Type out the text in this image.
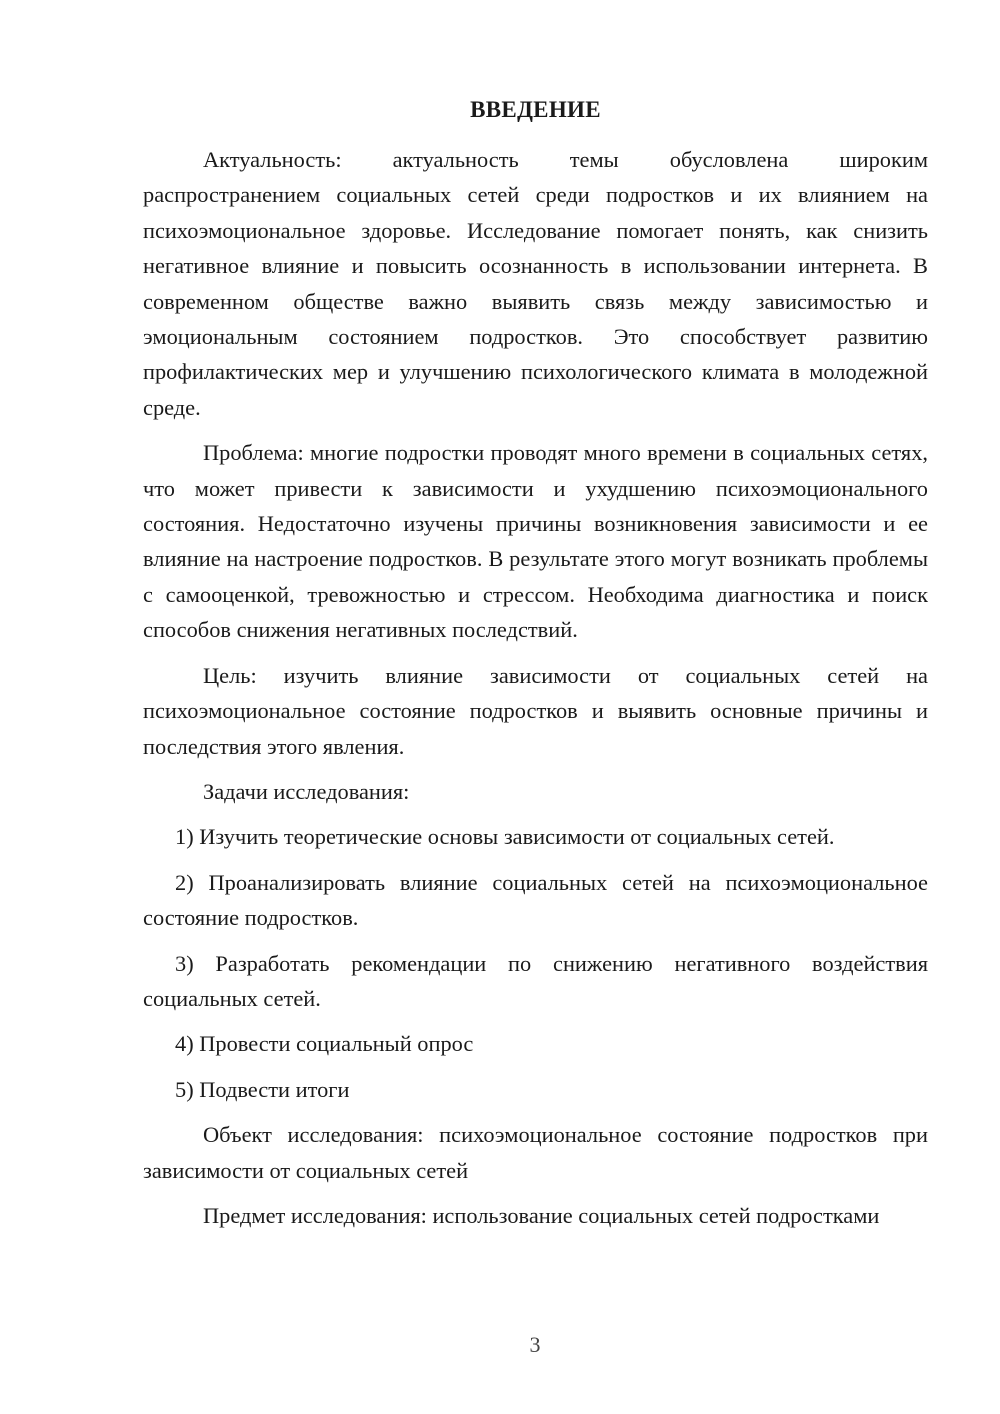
ВВЕДЕНИЕ

Актуальность: актуальность темы обусловлена широким распространением социальных сетей среди подростков и их влиянием на психоэмоциональное здоровье. Исследование помогает понять, как снизить негативное влияние и повысить осознанность в использовании интернета. В современном обществе важно выявить связь между зависимостью и эмоциональным состоянием подростков. Это способствует развитию профилактических мер и улучшению психологического климата в молодежной среде.

Проблема: многие подростки проводят много времени в социальных сетях, что может привести к зависимости и ухудшению психоэмоционального состояния. Недостаточно изучены причины возникновения зависимости и ее влияние на настроение подростков. В результате этого могут возникать проблемы с самооценкой, тревожностью и стрессом. Необходима диагностика и поиск способов снижения негативных последствий.

Цель: изучить влияние зависимости от социальных сетей на психоэмоциональное состояние подростков и выявить основные причины и последствия этого явления.

Задачи исследования:

1) Изучить теоретические основы зависимости от социальных сетей.

2) Проанализировать влияние социальных сетей на психоэмоциональное состояние подростков.

3) Разработать рекомендации по снижению негативного воздействия социальных сетей.

4) Провести социальный опрос

5) Подвести итоги

Объект исследования: психоэмоциональное состояние подростков при зависимости от социальных сетей

Предмет исследования: использование социальных сетей подростками

3
